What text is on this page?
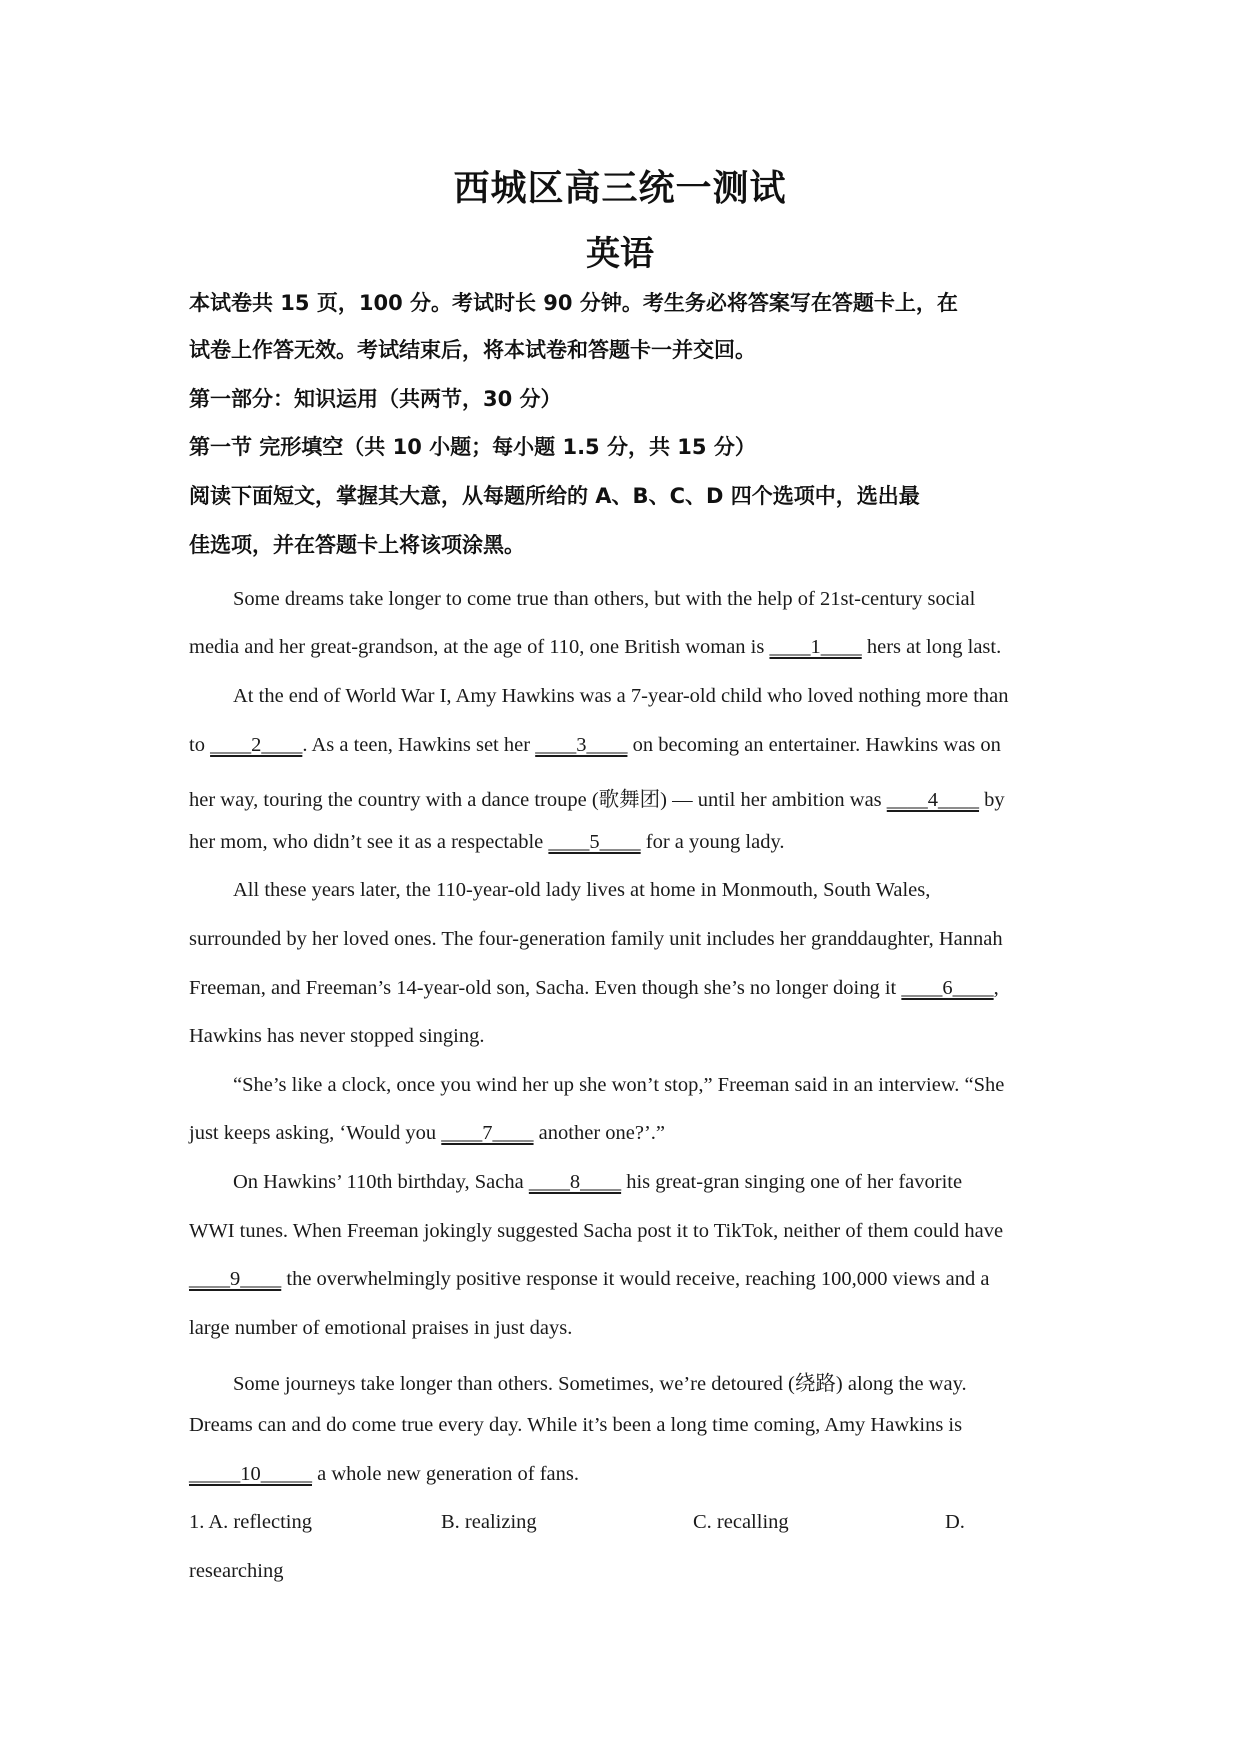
西城区高三统一测试
英语
本试卷共 15 页，100 分。考试时长 90 分钟。考生务必将答案写在答题卡上，在
试卷上作答无效。考试结束后，将本试卷和答题卡一并交回。
第一部分：知识运用（共两节，30 分）
第一节 完形填空（共 10 小题；每小题 1.5 分，共 15 分）
阅读下面短文，掌握其大意，从每题所给的 A、B、C、D 四个选项中，选出最
佳选项，并在答题卡上将该项涂黑。
Some dreams take longer to come true than others, but with the help of 21st-century social
media and her great-grandson, at the age of 110, one British woman is ____1____ hers at long last.
At the end of World War I, Amy Hawkins was a 7-year-old child who loved nothing more than
to ____2____. As a teen, Hawkins set her ____3____ on becoming an entertainer. Hawkins was on
her way, touring the country with a dance troupe (歌舞团) — until her ambition was ____4____ by
her mom, who didn’t see it as a respectable ____5____ for a young lady.
All these years later, the 110-year-old lady lives at home in Monmouth, South Wales,
surrounded by her loved ones. The four-generation family unit includes her granddaughter, Hannah
Freeman, and Freeman’s 14-year-old son, Sacha. Even though she’s no longer doing it ____6____,
Hawkins has never stopped singing.
“She’s like a clock, once you wind her up she won’t stop,” Freeman said in an interview. “She
just keeps asking, ‘Would you ____7____ another one?’.”
On Hawkins’ 110th birthday, Sacha ____8____ his great-gran singing one of her favorite
WWI tunes. When Freeman jokingly suggested Sacha post it to TikTok, neither of them could have
____9____ the overwhelmingly positive response it would receive, reaching 100,000 views and a
large number of emotional praises in just days.
Some journeys take longer than others. Sometimes, we’re detoured (绕路) along the way.
Dreams can and do come true every day. While it’s been a long time coming, Amy Hawkins is
_____10_____ a whole new generation of fans.
1. A. reflecting	B. realizing	C. recalling	D.
researching
